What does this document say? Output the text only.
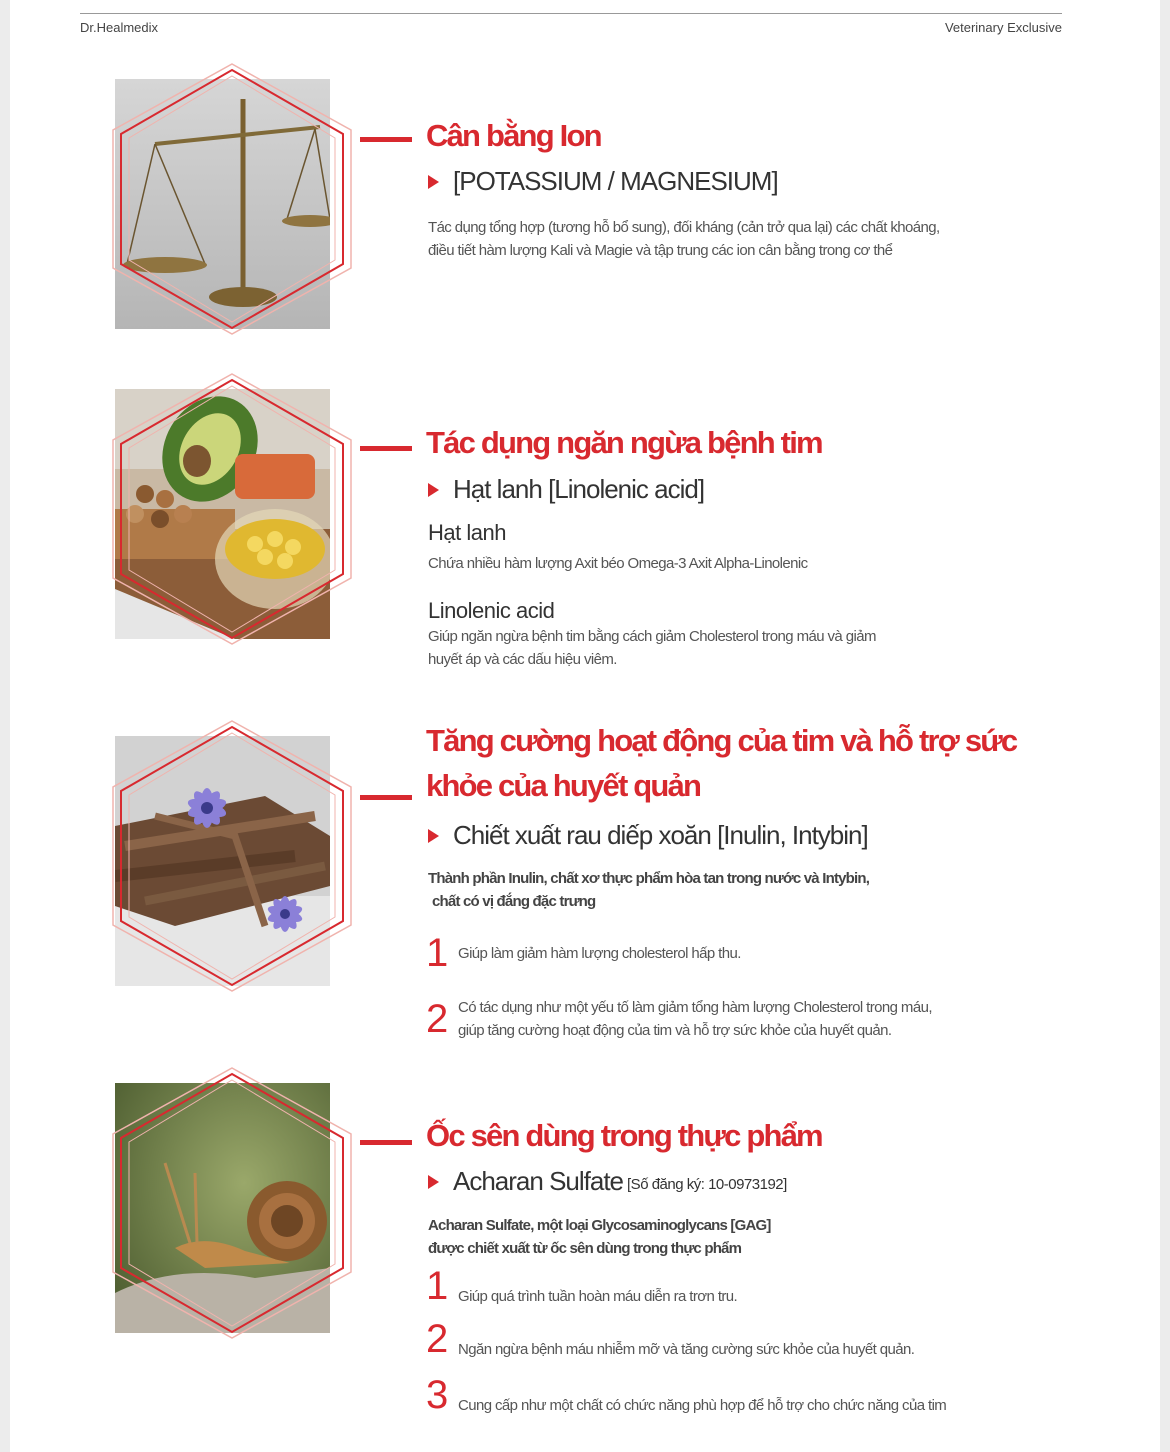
Dr.Healmedix	Veterinary Exclusive
Cân bằng Ion
[POTASSIUM / MAGNESIUM]
Tác dụng tổng hợp (tương hỗ bổ sung), đối kháng (cản trở qua lại) các chất khoáng,
điều tiết hàm lượng Kali và Magie và tập trung các ion cân bằng trong cơ thể
Tác dụng ngăn ngừa bệnh tim
Hạt lanh [Linolenic acid]
Hạt lanh
Chứa nhiều hàm lượng Axit béo Omega-3 Axit Alpha-Linolenic
Linolenic acid
Giúp ngăn ngừa bệnh tim bằng cách giảm Cholesterol trong máu và giảm
huyết áp và các dấu hiệu viêm.
Tăng cường hoạt động của tim và hỗ trợ sức
khỏe của huyết quản
Chiết xuất rau diếp xoăn [Inulin, Intybin]
Thành phần Inulin, chất xơ thực phẩm hòa tan trong nước và Intybin,
chất có vị đắng đặc trưng
1 Giúp làm giảm hàm lượng cholesterol hấp thu.
2 Có tác dụng như một yếu tố làm giảm tổng hàm lượng Cholesterol trong máu,
giúp tăng cường hoạt động của tim và hỗ trợ sức khỏe của huyết quản.
Ốc sên dùng trong thực phẩm
Acharan Sulfate [Số đăng ký: 10-0973192]
Acharan Sulfate, một loại Glycosaminoglycans [GAG]
được chiết xuất từ ốc sên dùng trong thực phẩm
1 Giúp quá trình tuần hoàn máu diễn ra trơn tru.
2 Ngăn ngừa bệnh máu nhiễm mỡ và tăng cường sức khỏe của huyết quản.
3 Cung cấp như một chất có chức năng phù hợp để hỗ trợ cho chức năng của tim
